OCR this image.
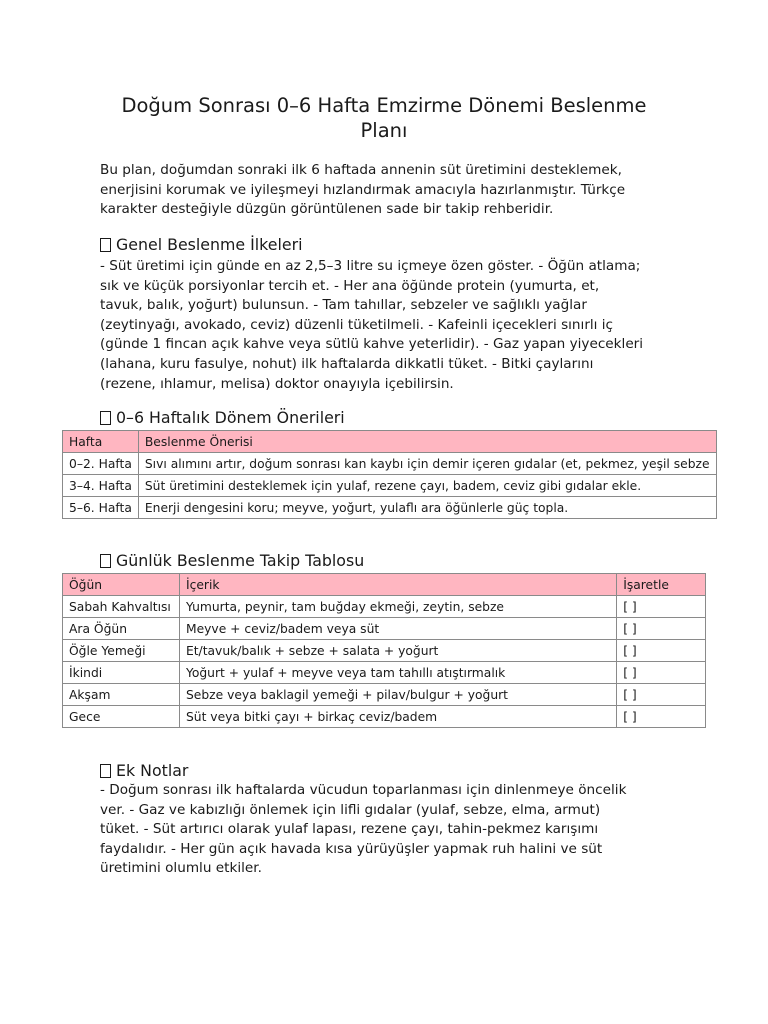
Doğum Sonrası 0–6 Hafta Emzirme Dönemi Beslenme Planı
Bu plan, doğumdan sonraki ilk 6 haftada annenin süt üretimini desteklemek,
enerjisini korumak ve iyileşmeyi hızlandırmak amacıyla hazırlanmıştır. Türkçe
karakter desteğiyle düzgün görüntülenen sade bir takip rehberidir.
Genel Beslenme İlkeleri
- Süt üretimi için günde en az 2,5–3 litre su içmeye özen göster. - Öğün atlama;
sık ve küçük porsiyonlar tercih et. - Her ana öğünde protein (yumurta, et,
tavuk, balık, yoğurt) bulunsun. - Tam tahıllar, sebzeler ve sağlıklı yağlar
(zeytinyağı, avokado, ceviz) düzenli tüketilmeli. - Kafeinli içecekleri sınırlı iç
(günde 1 fincan açık kahve veya sütlü kahve yeterlidir). - Gaz yapan yiyecekleri
(lahana, kuru fasulye, nohut) ilk haftalarda dikkatli tüket. - Bitki çaylarını
(rezene, ıhlamur, melisa) doktor onayıyla içebilirsin.
0–6 Haftalık Dönem Önerileri
Hafta	Beslenme Önerisi
0–2. Hafta	Sıvı alımını artır, doğum sonrası kan kaybı için demir içeren gıdalar (et, pekmez, yeşil sebze
3–4. Hafta	Süt üretimini desteklemek için yulaf, rezene çayı, badem, ceviz gibi gıdalar ekle.
5–6. Hafta	Enerji dengesini koru; meyve, yoğurt, yulaflı ara öğünlerle güç topla.
Günlük Beslenme Takip Tablosu
Öğün	İçerik	İşaretle
Sabah Kahvaltısı	Yumurta, peynir, tam buğday ekmeği, zeytin, sebze	[ ]
Ara Öğün	Meyve + ceviz/badem veya süt	[ ]
Öğle Yemeği	Et/tavuk/balık + sebze + salata + yoğurt	[ ]
İkindi	Yoğurt + yulaf + meyve veya tam tahıllı atıştırmalık	[ ]
Akşam	Sebze veya baklagil yemeği + pilav/bulgur + yoğurt	[ ]
Gece	Süt veya bitki çayı + birkaç ceviz/badem	[ ]
Ek Notlar
- Doğum sonrası ilk haftalarda vücudun toparlanması için dinlenmeye öncelik
ver. - Gaz ve kabızlığı önlemek için lifli gıdalar (yulaf, sebze, elma, armut)
tüket. - Süt artırıcı olarak yulaf lapası, rezene çayı, tahin-pekmez karışımı
faydalıdır. - Her gün açık havada kısa yürüyüşler yapmak ruh halini ve süt
üretimini olumlu etkiler.
